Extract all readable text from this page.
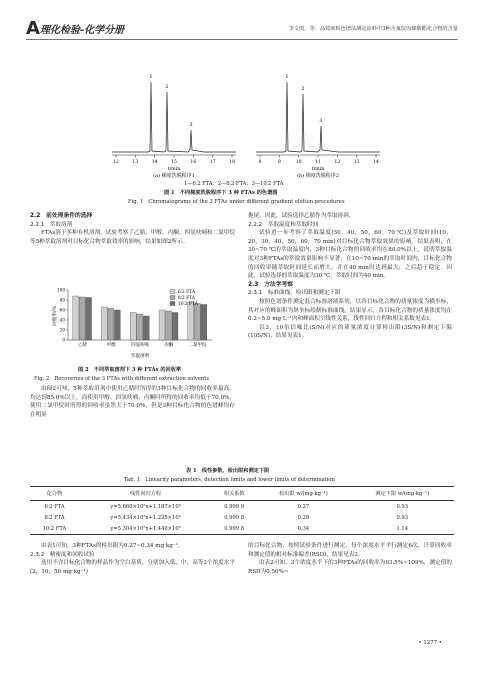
A 理化检验-化学分册	李文雨，等：高效液相色谱法测定涂料中3种含氟烷丙烯酸酯化合物的含量
12	13	14	15	16	17	18
1
2
3
t/min
(a) 梯度洗脱程序1
8	9	10	11	12	13	14
1
2
3
t/min
(b) 梯度洗脱程序2
1—6∶2 FTA；2—8∶2 FTA；3—10∶2 FTA
图 1　不同梯度洗脱程序下 3 种 FTAs 的色谱图
Fig. 1　Chromatograms of the 3 FTAs under different gradient elution procedures
2.2　前处理条件的选择
2.2.1　萃取溶剂

FTAs溶于多种有机溶剂，试验考察了乙腈、甲醇、丙酮、四氢呋喃和二氯甲烷等5种萃取溶剂对目标化合物萃取效率的影响，结果如图2所示。

0
20
40
60
80
100
乙腈	甲醇	四氢呋喃	丙酮	二氯甲烷
6∶2 FTA
8∶2 FTA
10∶2 FTA
萃取溶剂
回收率/%
图 2　不同萃取溶剂下 3 种 FTAs 的回收率
Fig. 2　Recoveries of the 3 FTAs with different extraction solvents

由图2可知，5种萃取溶剂中使用乙腈时所得的3种目标化合物的回收率最高，均达到85.0%以上，而使用甲醇、四氢呋喃、丙酮时所得的回收率均低于70.0%，使用二氯甲烷时所得的回收率虽然大于70.0%，但是3种目标化合物的色谱峰均存在明显

拖尾。因此，试验选择乙腈作为萃取溶剂。

2.2.2　萃取温度和萃取时间

试验进一步考察了萃取温度(30，40，50，60，70 ℃)及萃取时间(10，20，30，40，50，60，70 min)对目标化合物萃取效果的影响。结果表明，在30~70 ℃的萃取温度内，3种目标化合物的回收率均在80.0%以上，说明萃取温度对3种FTAs的萃取效果影响不显著；在10~70 min的萃取时间内，目标化合物的回收率随萃取时间延长而增大，并在40 min时达到最大，之后趋于稳定。因此，试验选择的萃取温度为30 ℃，萃取时间为40 min。

2.3　方法学考察
2.3.1　标准曲线、检出限和测定下限

按照色谱条件测定混合标准溶液系列，以各目标化合物的质量浓度为横坐标，其对应的峰面积为纵坐标绘制标准曲线。结果显示，各目标化合物的质量浓度均在0.2~5.0 mg·L⁻¹内和峰面积呈线性关系，线性回归方程和相关系数见表1。

以3，10倍信噪比(S/N)对应的质量浓度计算检出限(3S/N)和测定下限(10S/N)，结果见表1。

表 1　线性参数、检出限和测定下限
Tab. 1　Linearity parameters, detection limits and lower limits of determination
化合物	线性回归方程	相关系数	检出限 w/(mg·kg⁻¹)	测定下限 w/(mg·kg⁻¹)
6∶2 FTA	y=5.660×10⁵x+1.187×10³	0.999 9	0.27	0.93
8∶2 FTA	y=5.434×10⁵x+1.235×10³	0.999 8	0.28	0.93
10∶2 FTA	y=5.304×10⁵x+1.440×10³	0.999 8	0.34	1.14

由表1可知，3种FTAs的检出限为0.27~0.34 mg·kg⁻¹。

2.3.2　精密度和回收试验

选用不含目标化合物的样品作为空白基质，分别加入低、中、高等3个浓度水平(2，10，50 mg·kg⁻¹)

的目标化合物，按照试验条件进行测定，每个浓度水平平行测定6次，计算回收率和测定值的相对标准偏差(RSD)，结果见表2。

由表2可知，3个浓度水平下的3种FTAs的回收率为93.5%~109%，测定值的RSD为0.50%~

• 1277 •
